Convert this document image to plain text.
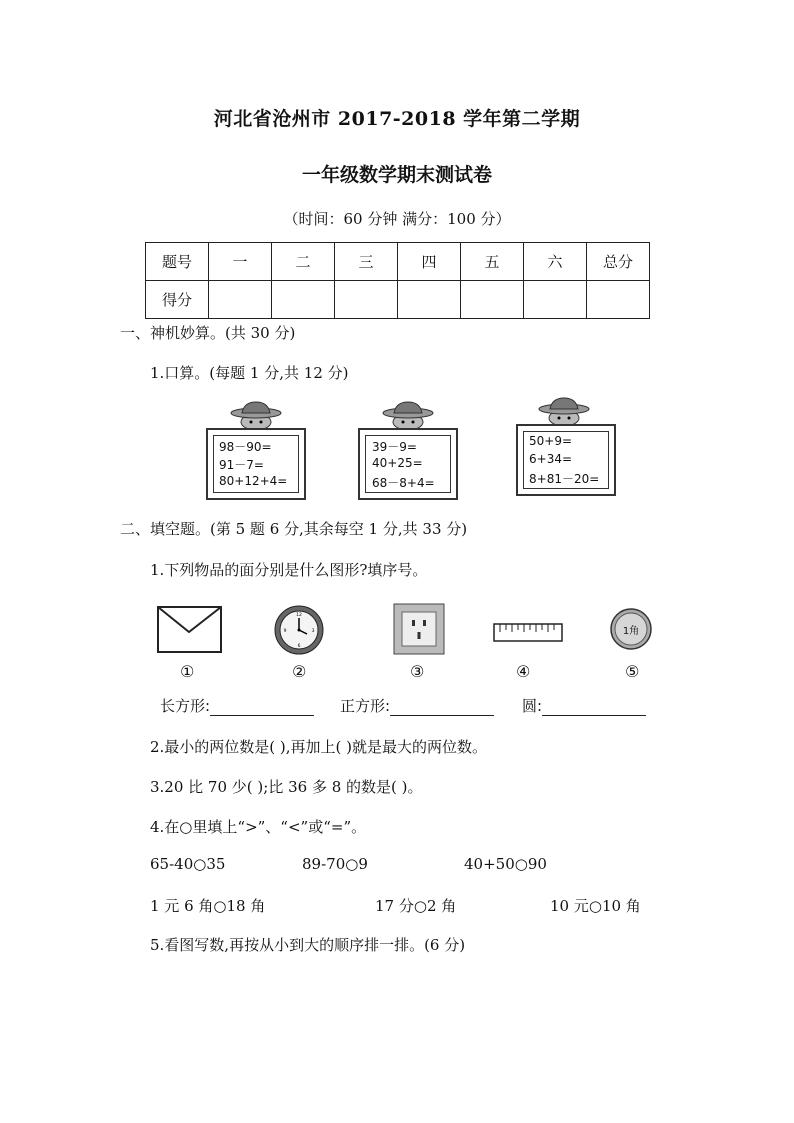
河北省沧州市 2017-2018 学年第二学期
一年级数学期末测试卷
（时间：60 分钟 满分：100 分）
题号	一	二	三	四	五	六	总分
得分							
一、神机妙算。(共 30 分)
1.口算。(每题 1 分,共 12 分)
98－90=
91－7=
80+12+4=
39－9=
40+25=
68－8+4=
50+9=
6+34=
8+81－20=
二、填空题。(第 5 题 6 分,其余每空 1 分,共 33 分)
1.下列物品的面分别是什么图形?填序号。
12
3
6
9	1角
①	②	③	④	⑤
长方形:	正方形:	圆:
2.最小的两位数是( ),再加上( )就是最大的两位数。
3.20 比 70 少( );比 36 多 8 的数是( )。
4.在○里填上“>”、“<”或“=”。
65-40○35	89-70○9	40+50○90
1 元 6 角○18 角	17 分○2 角	10 元○10 角
5.看图写数,再按从小到大的顺序排一排。(6 分)
